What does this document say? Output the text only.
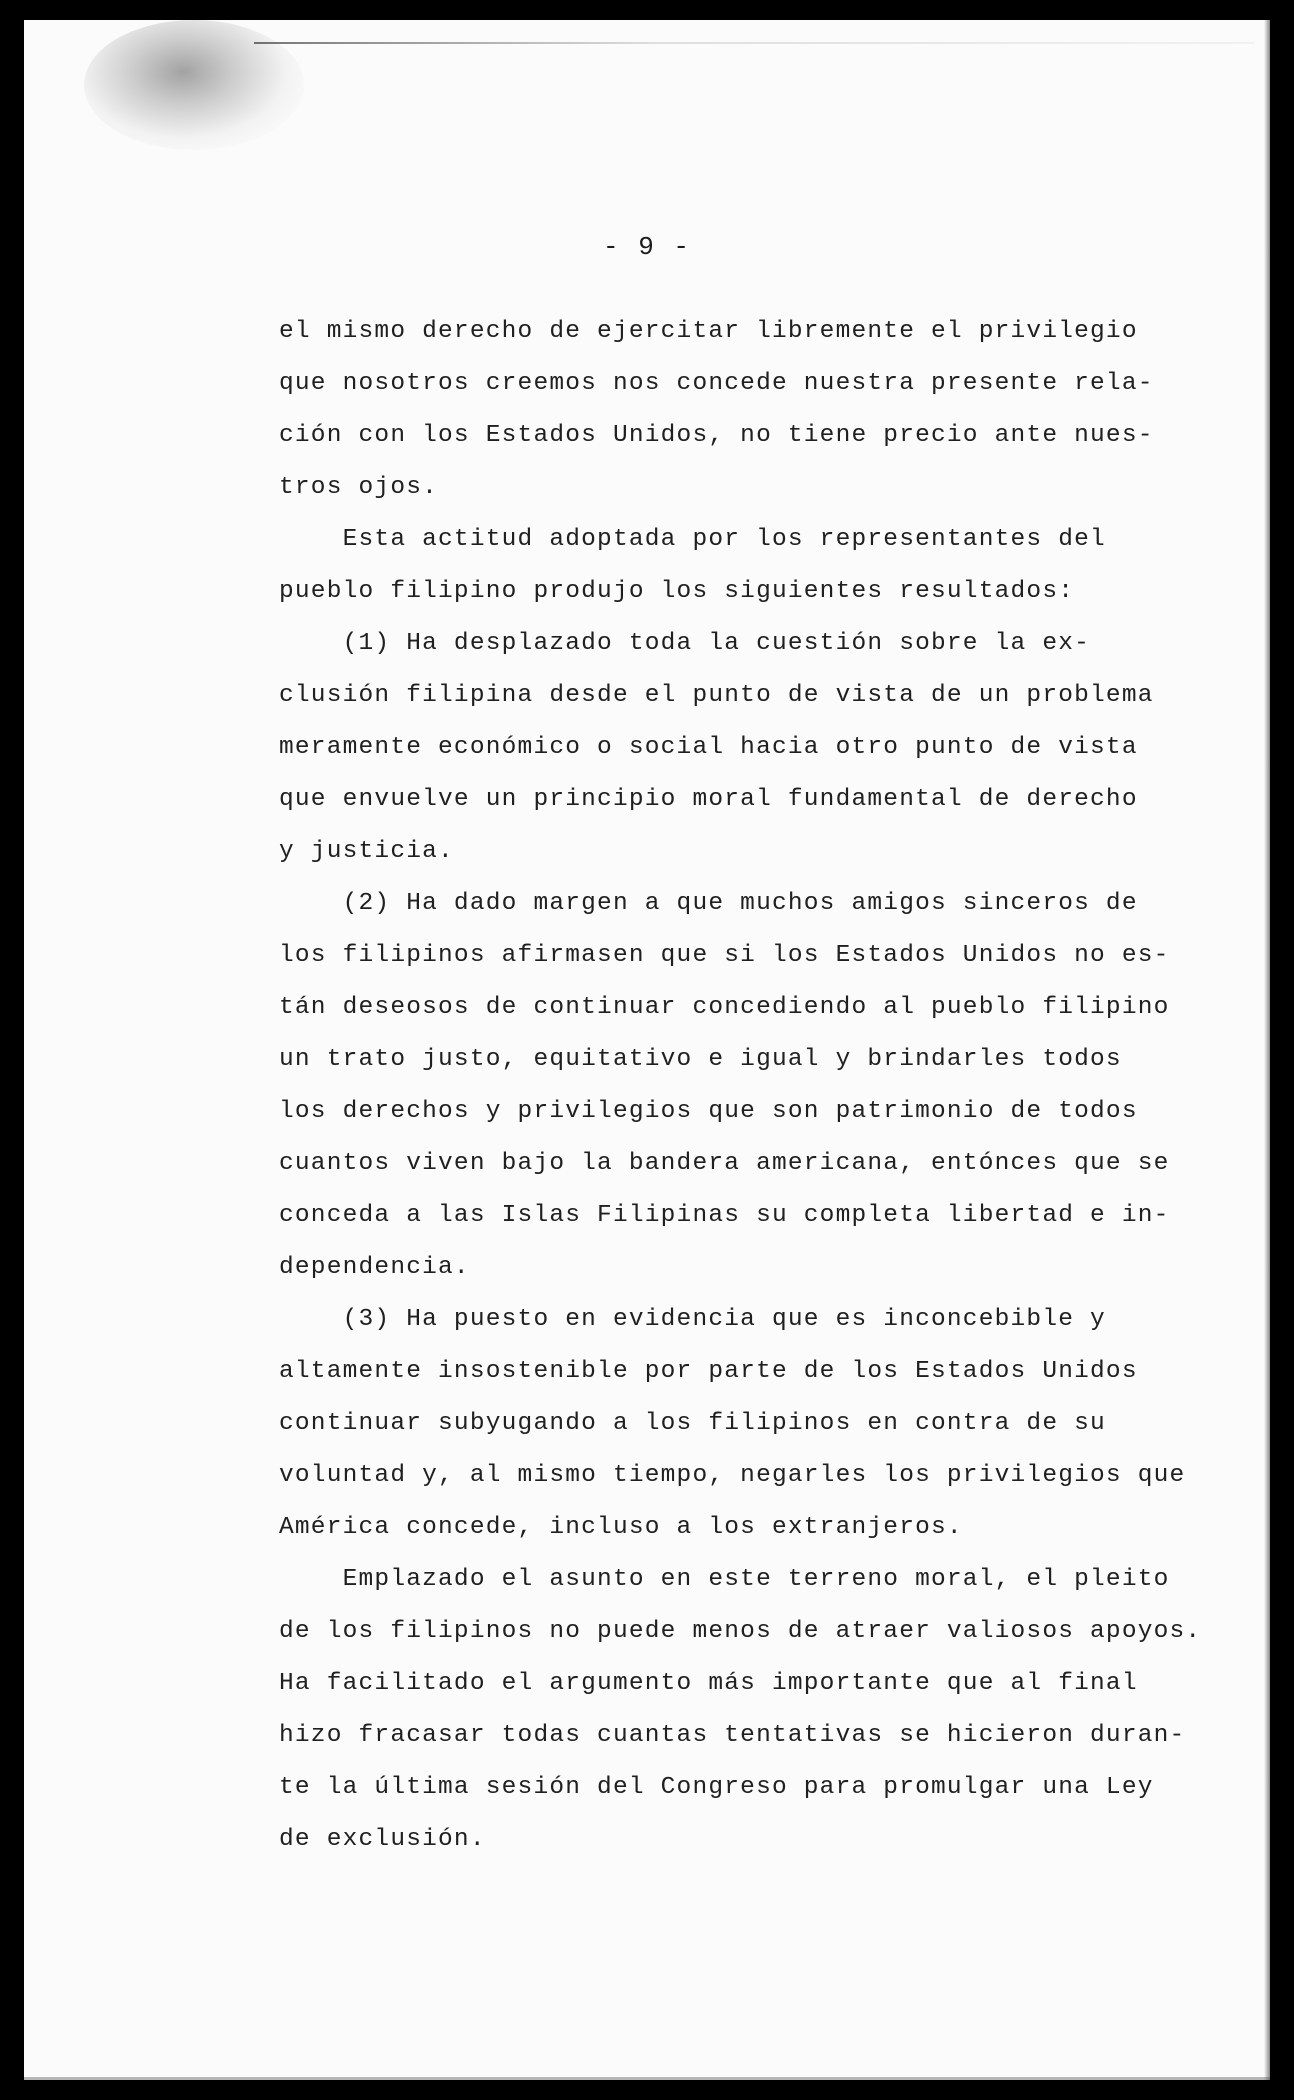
- 9 -
el mismo derecho de ejercitar libremente el privilegio
que nosotros creemos nos concede nuestra presente rela-
ción con los Estados Unidos, no tiene precio ante nues-
tros ojos.
Esta actitud adoptada por los representantes del
pueblo filipino produjo los siguientes resultados:
(1) Ha desplazado toda la cuestión sobre la ex-
clusión filipina desde el punto de vista de un problema
meramente económico o social hacia otro punto de vista
que envuelve un principio moral fundamental de derecho
y justicia.
(2) Ha dado margen a que muchos amigos sinceros de
los filipinos afirmasen que si los Estados Unidos no es-
tán deseosos de continuar concediendo al pueblo filipino
un trato justo, equitativo e igual y brindarles todos
los derechos y privilegios que son patrimonio de todos
cuantos viven bajo la bandera americana, entónces que se
conceda a las Islas Filipinas su completa libertad e in-
dependencia.
(3) Ha puesto en evidencia que es inconcebible y
altamente insostenible por parte de los Estados Unidos
continuar subyugando a los filipinos en contra de su
voluntad y, al mismo tiempo, negarles los privilegios que
América concede, incluso a los extranjeros.
Emplazado el asunto en este terreno moral, el pleito
de los filipinos no puede menos de atraer valiosos apoyos.
Ha facilitado el argumento más importante que al final
hizo fracasar todas cuantas tentativas se hicieron duran-
te la última sesión del Congreso para promulgar una Ley
de exclusión.
